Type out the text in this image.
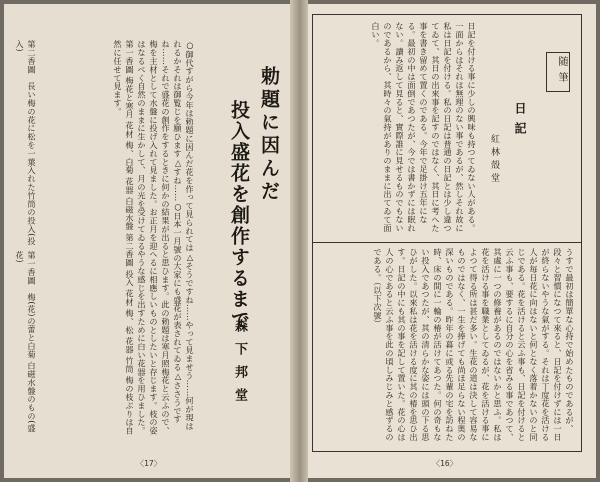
勅題に因んだ
投入盛花を創作するまで
森下邦堂
○御代すがら今年は勅題に因んだ花を作って見られては△そうですね……やって見ませう……何が現はれるかそれは御覧じを願ひます△すね……○日本一月號の大家にも盛花が表されてゐる△ささうですね……それで盛花の創作をするときに何かの結果が出ると思ひます。此の勅題は寒月照梅花と云ふので、梅を主材として水盤に投げ入れて見ました。お正月を迎へるに相應しいものとしたいと存じます。枝の姿はなるべく自然のままに生かして、月の光を受けてゐるやうな感じを出すために白い花器を用ひました。第一香圖 梅花と寒月 花材 梅、白菊 花器 白磁水盤 第二香圖 投入 花材 梅、松 花器 竹筒 梅の枝ぶりは自然に任せて見ます。
第一香圖　梅(花)の蕾と白菊 白磁水盤のもの(盛花)
第二香圖　長い梅の花に松を一葉入れた竹筒の投入(投入)
〈17〉
随筆
日記
紅林殼堂
日記を付ける事に少しの興味も持つてゐない人がある。一面からはそれは無理のない事であるが、然しそれ故に私は日記を付ける。私の日記は普通の日記とは少し違つてゐて、其日の出來事を記すのではなく、其日に考へた事を書き留めて置くのである。今年で足掛け五年になる。最初の中は面倒であつたが、今では書かずには眠れない。讀み返して見ると、實際誰に見せるものでもないのであるから、其時々の氣持がありのままに出てゐて面白い。
うすで最初は簡單な心持で始めたものであるが、段々と習慣になつて來ると、日記を付けずには一日が終らないやうな氣がする。それは丁度花を活ける人が毎日花に向はないと何となく落着かないのと同じである。花を活けると云ふ事も、日記を付けると云ふ事も、要するに自分の心を省みる事であつて、其處に一つの修養があるのではないかと思ふ。私は花を活ける事を職業としてゐるが、花を活ける事によつて得る所は甚だ多い。生花の道は決して容易なものではなく、一生を捧げても尚ほ足らない程奥の深いものである。昨年の暮に或る先輩の宅を訪ねた時、床の間に一輪の椿が活けてあつた。何の奇もない投入であつたが、其の清らかな姿には頭の下る思ひがした。以來私は花を活ける度に其の椿を思ひ出す。日記の中にも其の事を記して置いた。花の心は人の心であると云ふ事を此の頃しみじみと感ずるのである。（以下次號）
〈16〉
